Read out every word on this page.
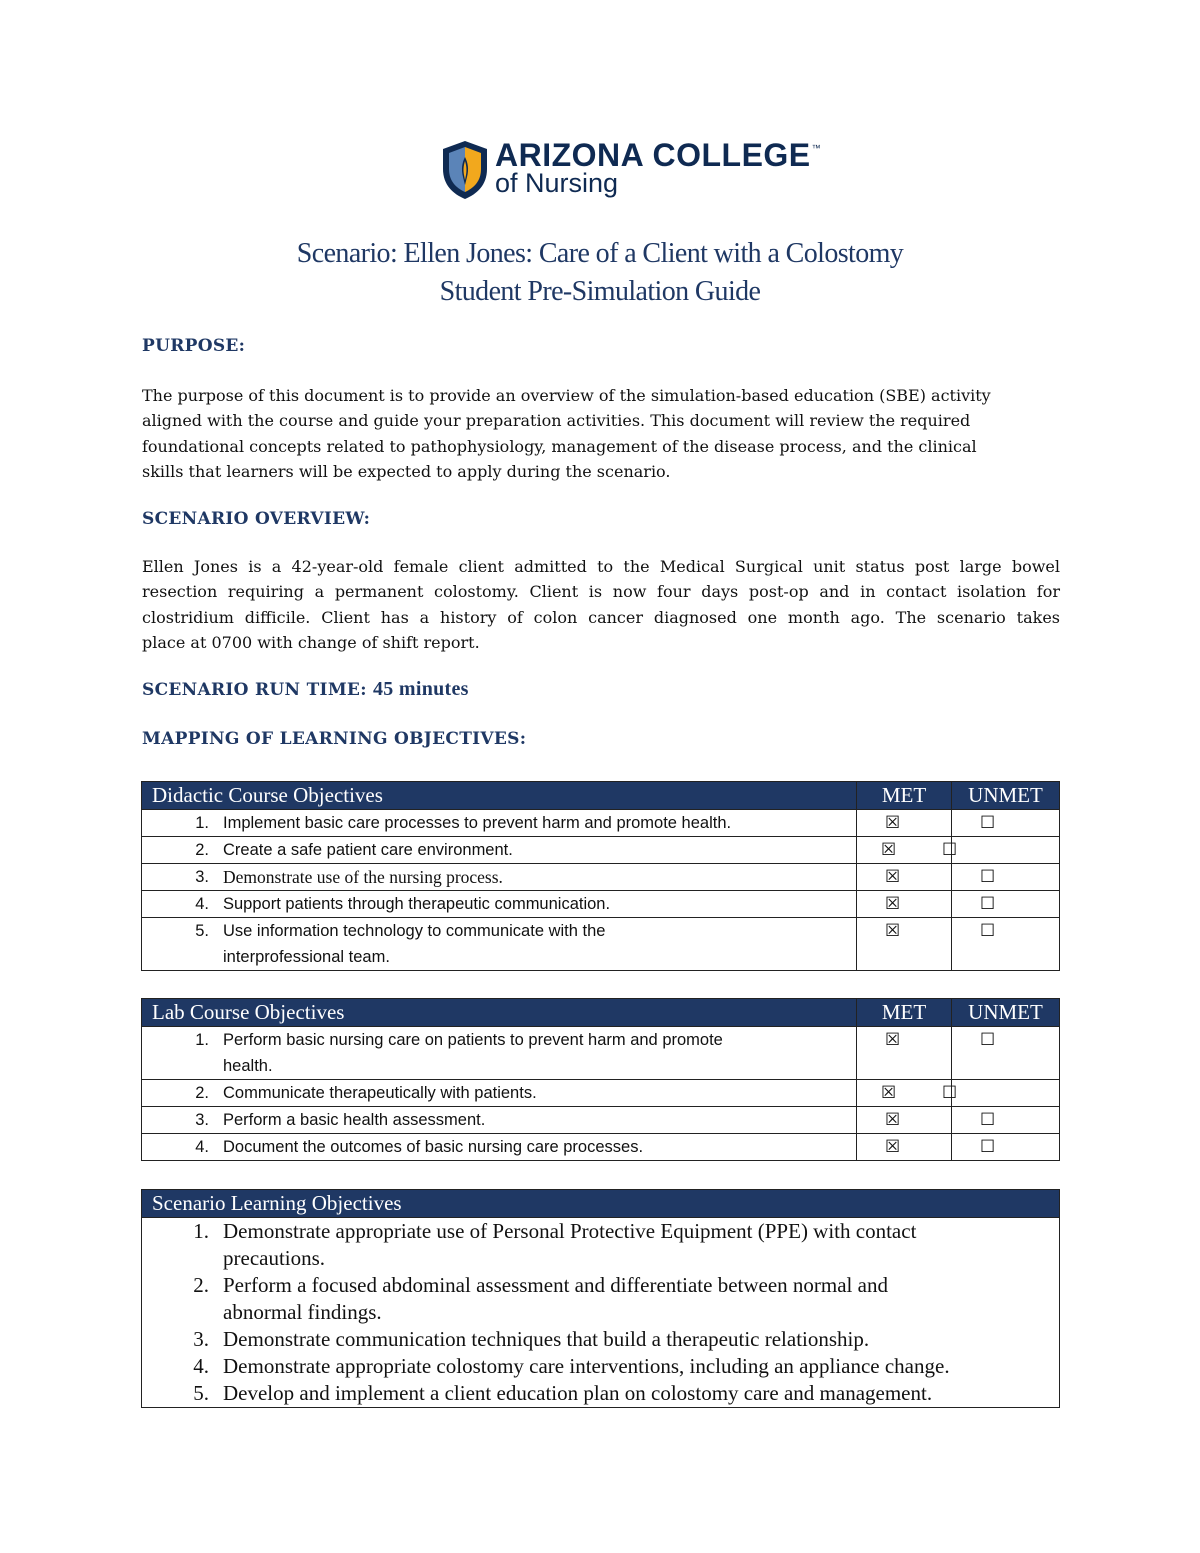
ARIZONA COLLEGE™
of Nursing
Scenario: Ellen Jones: Care of a Client with a Colostomy
Student Pre-Simulation Guide
PURPOSE:
The purpose of this document is to provide an overview of the simulation-based education (SBE) activity
aligned with the course and guide your preparation activities. This document will review the required
foundational concepts related to pathophysiology, management of the disease process, and the clinical
skills that learners will be expected to apply during the scenario.
SCENARIO OVERVIEW:
Ellen Jones is a 42-year-old female client admitted to the Medical Surgical unit status post large bowel
resection requiring a permanent colostomy. Client is now four days post-op and in contact isolation for
clostridium difficile. Client has a history of colon cancer diagnosed one month ago. The scenario takes
place at 0700 with change of shift report.
SCENARIO RUN TIME: 45 minutes
MAPPING OF LEARNING OBJECTIVES:
Didactic Course Objectives	MET	UNMET

1. Implement basic care processes to prevent harm and promote health.	☒	☐

2. Create a safe patient care environment.	☒	☐

3. Demonstrate use of the nursing process.	☒	☐

4. Support patients through therapeutic communication.	☒	☐

5. Use information technology to communicate with the
interprofessional team.	☒	☐
Lab Course Objectives	MET	UNMET

1. Perform basic nursing care on patients to prevent harm and promote
health.	☒	☐

2. Communicate therapeutically with patients.	☒	☐

3. Perform a basic health assessment.	☒	☐

4. Document the outcomes of basic nursing care processes.	☒	☐
Scenario Learning Objectives

1. Demonstrate appropriate use of Personal Protective Equipment (PPE) with contact
precautions.
2. Perform a focused abdominal assessment and differentiate between normal and
abnormal findings.
3. Demonstrate communication techniques that build a therapeutic relationship.
4. Demonstrate appropriate colostomy care interventions, including an appliance change.
5. Develop and implement a client education plan on colostomy care and management.
